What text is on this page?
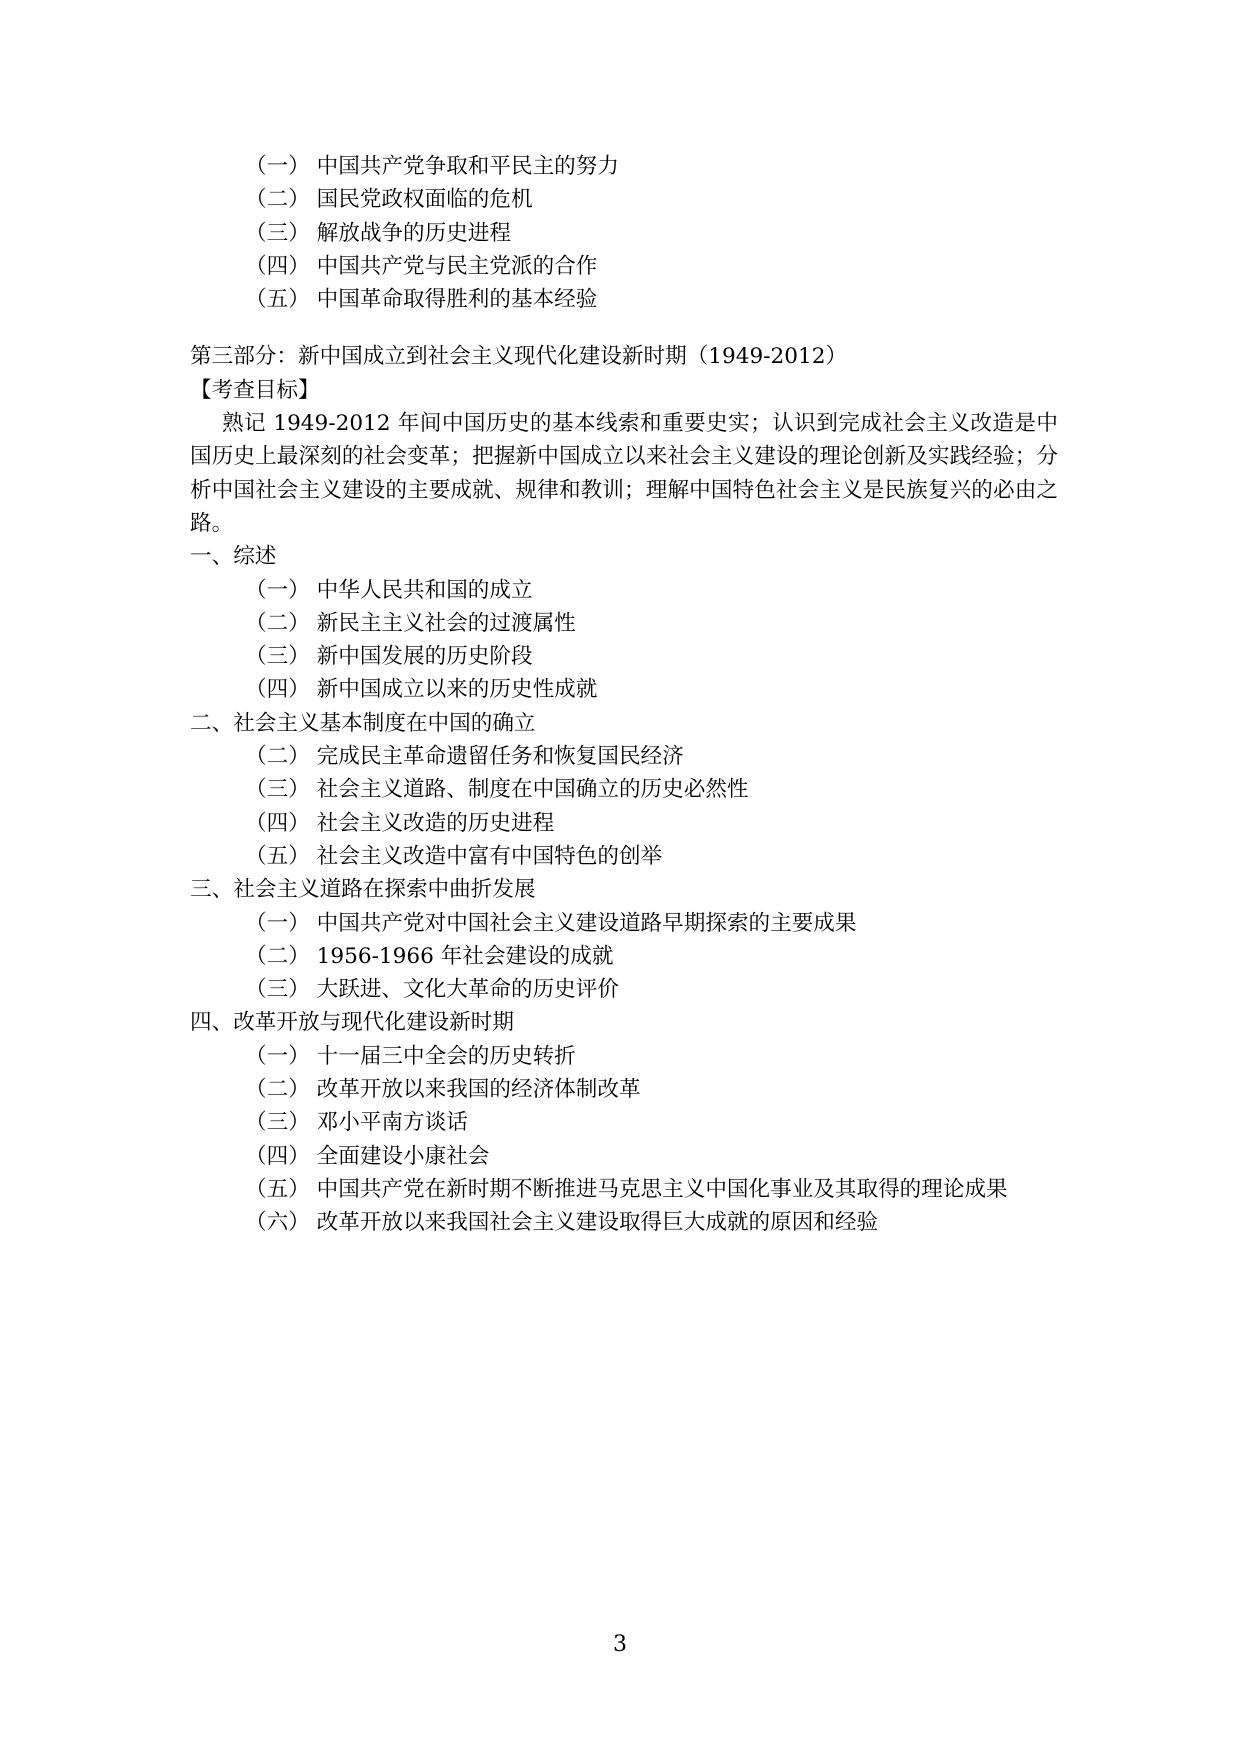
（一） 中国共产党争取和平民主的努力
（二） 国民党政权面临的危机
（三） 解放战争的历史进程
（四） 中国共产党与民主党派的合作
（五） 中国革命取得胜利的基本经验
第三部分：新中国成立到社会主义现代化建设新时期（1949-2012）
【考查目标】

熟记 1949-2012 年间中国历史的基本线索和重要史实；认识到完成社会主义改造是中国历史上最深刻的社会变革；把握新中国成立以来社会主义建设的理论创新及实践经验；分析中国社会主义建设的主要成就、规律和教训；理解中国特色社会主义是民族复兴的必由之路。

一、综述
（一） 中华人民共和国的成立
（二） 新民主主义社会的过渡属性
（三） 新中国发展的历史阶段
（四） 新中国成立以来的历史性成就
二、社会主义基本制度在中国的确立
（二） 完成民主革命遗留任务和恢复国民经济
（三） 社会主义道路、制度在中国确立的历史必然性
（四） 社会主义改造的历史进程
（五） 社会主义改造中富有中国特色的创举
三、社会主义道路在探索中曲折发展
（一） 中国共产党对中国社会主义建设道路早期探索的主要成果
（二） 1956-1966 年社会建设的成就
（三） 大跃进、文化大革命的历史评价
四、改革开放与现代化建设新时期
（一） 十一届三中全会的历史转折
（二） 改革开放以来我国的经济体制改革
（三） 邓小平南方谈话
（四） 全面建设小康社会
（五） 中国共产党在新时期不断推进马克思主义中国化事业及其取得的理论成果
（六） 改革开放以来我国社会主义建设取得巨大成就的原因和经验
3
